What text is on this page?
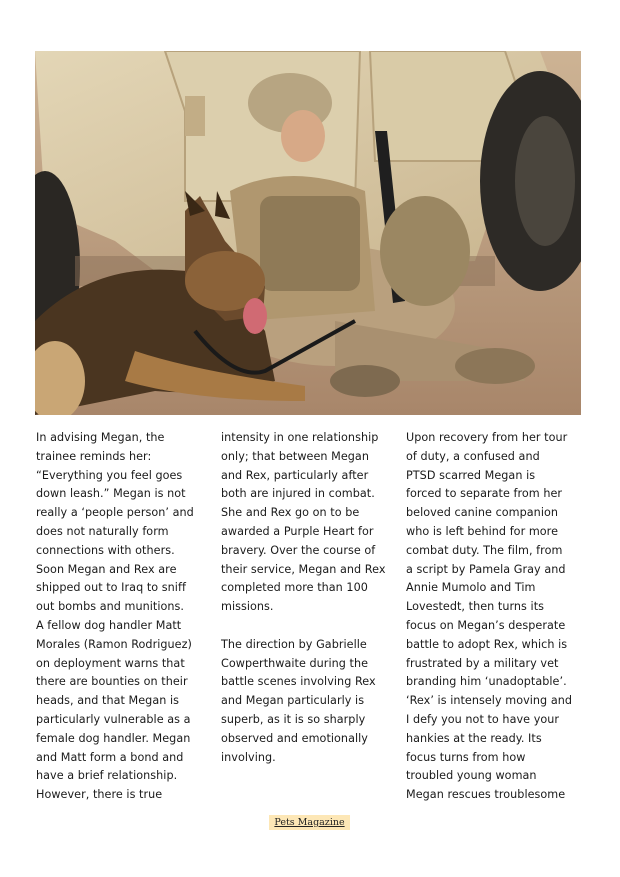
In advising Megan, the
trainee reminds her:
“Everything you feel goes
down leash.” Megan is not
really a ‘people person’ and
does not naturally form
connections with others.
Soon Megan and Rex are
shipped out to Iraq to sniff
out bombs and munitions.
A fellow dog handler Matt
Morales (Ramon Rodriguez)
on deployment warns that
there are bounties on their
heads, and that Megan is
particularly vulnerable as a
female dog handler. Megan
and Matt form a bond and
have a brief relationship.
However, there is true

intensity in one relationship
only; that between Megan
and Rex, particularly after
both are injured in combat.
She and Rex go on to be
awarded a Purple Heart for
bravery. Over the course of
their service, Megan and Rex
completed more than 100
missions.

The direction by Gabrielle
Cowperthwaite during the
battle scenes involving Rex
and Megan particularly is
superb, as it is so sharply
observed and emotionally
involving.

Upon recovery from her tour
of duty, a confused and
PTSD scarred Megan is
forced to separate from her
beloved canine companion
who is left behind for more
combat duty. The film, from
a script by Pamela Gray and
Annie Mumolo and Tim
Lovestedt, then turns its
focus on Megan’s desperate
battle to adopt Rex, which is
frustrated by a military vet
branding him ‘unadoptable’.
‘Rex’ is intensely moving and
I defy you not to have your
hankies at the ready. Its
focus turns from how
troubled young woman
Megan rescues troublesome

Pets Magazine
